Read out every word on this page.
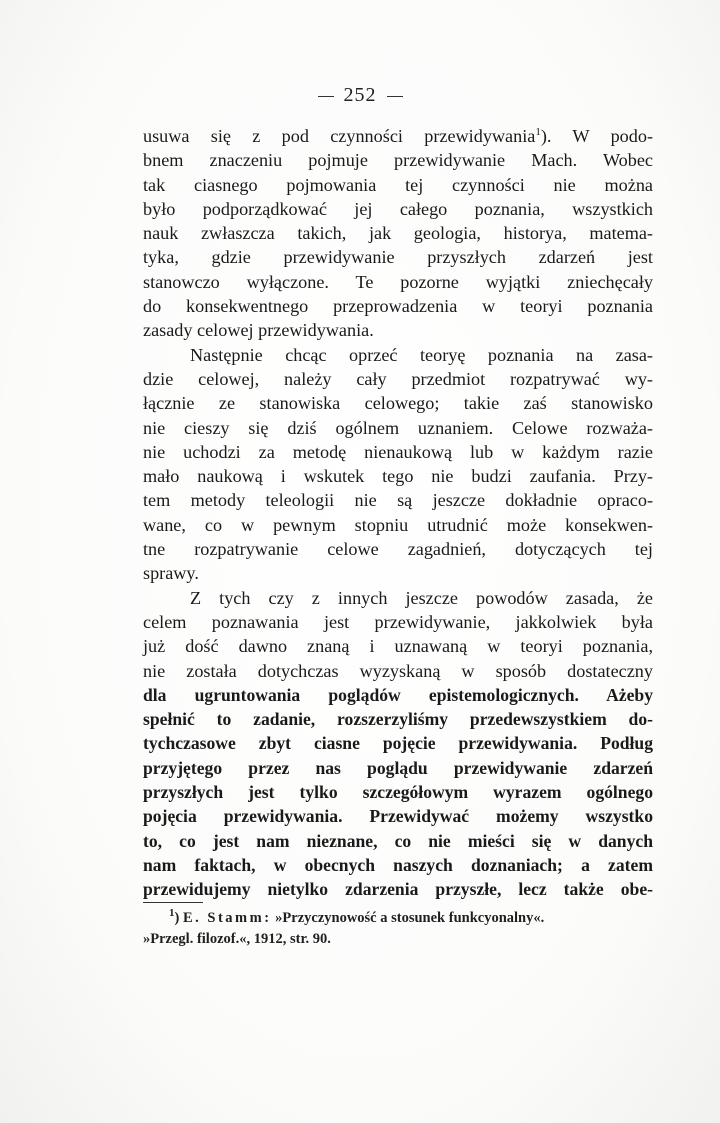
252
usuwa się z pod czynności przewidywania$^1$). W podo-
bnem znaczeniu pojmuje przewidywanie Mach. Wobec
tak ciasnego pojmowania tej czynności nie można
było podporządkować jej całego poznania, wszystkich
nauk zwłaszcza takich, jak geologia, historya, matema-
tyka, gdzie przewidywanie przyszłych zdarzeń jest
stanowczo wyłączone. Te pozorne wyjątki zniechęcały
do konsekwentnego przeprowadzenia w teoryi poznania
zasady celowej przewidywania.
Następnie chcąc oprzeć teoryę poznania na zasa-
dzie celowej, należy cały przedmiot rozpatrywać wy-
łącznie ze stanowiska celowego; takie zaś stanowisko
nie cieszy się dziś ogólnem uznaniem. Celowe rozważa-
nie uchodzi za metodę nienaukową lub w każdym razie
mało naukową i wskutek tego nie budzi zaufania. Przy-
tem metody teleologii nie są jeszcze dokładnie opraco-
wane, co w pewnym stopniu utrudnić może konsekwen-
tne rozpatrywanie celowe zagadnień, dotyczących tej
sprawy.
Z tych czy z innych jeszcze powodów zasada, że
celem poznawania jest przewidywanie, jakkolwiek była
już dość dawno znaną i uznawaną w teoryi poznania,
nie została dotychczas wyzyskaną w sposób dostateczny
dla ugruntowania poglądów epistemologicznych. Ażeby
spełnić to zadanie, rozszerzyliśmy przedewszystkiem do-
tychczasowe zbyt ciasne pojęcie przewidywania. Podług
przyjętego przez nas poglądu przewidywanie zdarzeń
przyszłych jest tylko szczegółowym wyrazem ogólnego
pojęcia przewidywania. Przewidywać możemy wszystko
to, co jest nam nieznane, co nie mieści się w danych
nam faktach, w obecnych naszych doznaniach; a zatem
przewidujemy nietylko zdarzenia przyszłe, lecz także obe-
$^1$) E. Stamm: »Przyczynowość a stosunek funkcyonalny«.
»Przegl. filozof.«, 1912, str. 90.
